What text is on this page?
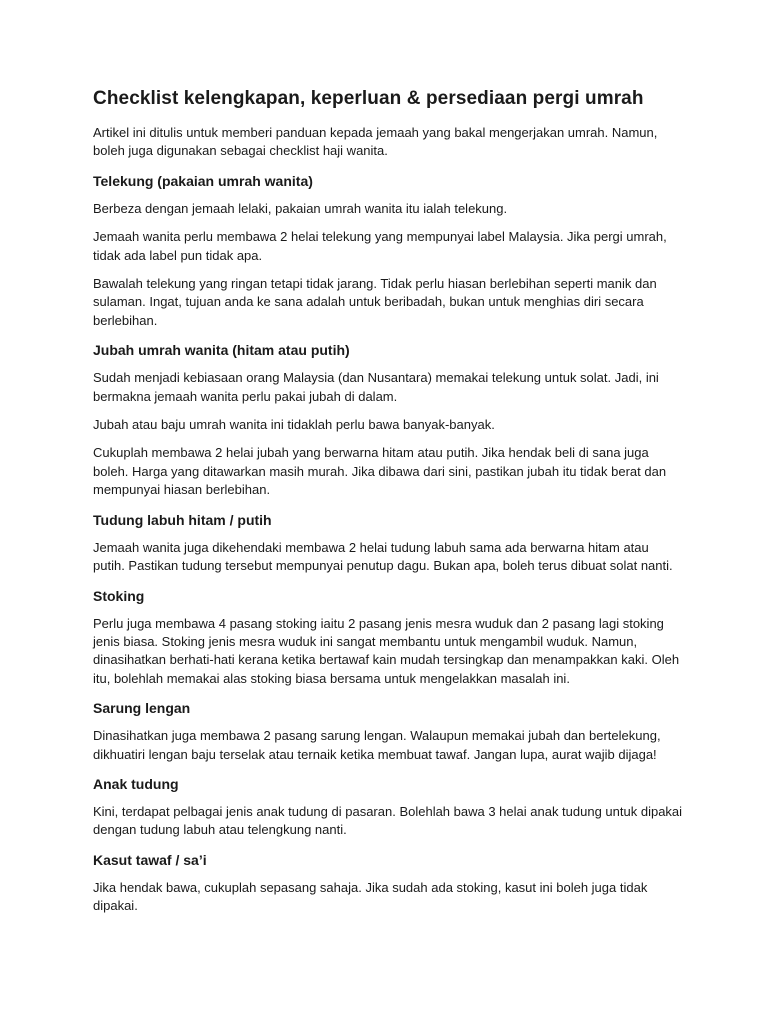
Checklist kelengkapan, keperluan & persediaan pergi umrah

Artikel ini ditulis untuk memberi panduan kepada jemaah yang bakal mengerjakan umrah. Namun, boleh juga digunakan sebagai checklist haji wanita.

Telekung (pakaian umrah wanita)

Berbeza dengan jemaah lelaki, pakaian umrah wanita itu ialah telekung.

Jemaah wanita perlu membawa 2 helai telekung yang mempunyai label Malaysia. Jika pergi umrah, tidak ada label pun tidak apa.

Bawalah telekung yang ringan tetapi tidak jarang. Tidak perlu hiasan berlebihan seperti manik dan sulaman. Ingat, tujuan anda ke sana adalah untuk beribadah, bukan untuk menghias diri secara berlebihan.

Jubah umrah wanita (hitam atau putih)

Sudah menjadi kebiasaan orang Malaysia (dan Nusantara) memakai telekung untuk solat. Jadi, ini bermakna jemaah wanita perlu pakai jubah di dalam.

Jubah atau baju umrah wanita ini tidaklah perlu bawa banyak-banyak.

Cukuplah membawa 2 helai jubah yang berwarna hitam atau putih. Jika hendak beli di sana juga boleh. Harga yang ditawarkan masih murah. Jika dibawa dari sini, pastikan jubah itu tidak berat dan mempunyai hiasan berlebihan.

Tudung labuh hitam / putih

Jemaah wanita juga dikehendaki membawa 2 helai tudung labuh sama ada berwarna hitam atau putih. Pastikan tudung tersebut mempunyai penutup dagu. Bukan apa, boleh terus dibuat solat nanti.

Stoking

Perlu juga membawa 4 pasang stoking iaitu 2 pasang jenis mesra wuduk dan 2 pasang lagi stoking jenis biasa. Stoking jenis mesra wuduk ini sangat membantu untuk mengambil wuduk. Namun, dinasihatkan berhati-hati kerana ketika bertawaf kain mudah tersingkap dan menampakkan kaki. Oleh itu, bolehlah memakai alas stoking biasa bersama untuk mengelakkan masalah ini.

Sarung lengan

Dinasihatkan juga membawa 2 pasang sarung lengan. Walaupun memakai jubah dan bertelekung, dikhuatiri lengan baju terselak atau ternaik ketika membuat tawaf. Jangan lupa, aurat wajib dijaga!

Anak tudung

Kini, terdapat pelbagai jenis anak tudung di pasaran. Bolehlah bawa 3 helai anak tudung untuk dipakai dengan tudung labuh atau telengkung nanti.

Kasut tawaf / sa’i

Jika hendak bawa, cukuplah sepasang sahaja. Jika sudah ada stoking, kasut ini boleh juga tidak dipakai.
